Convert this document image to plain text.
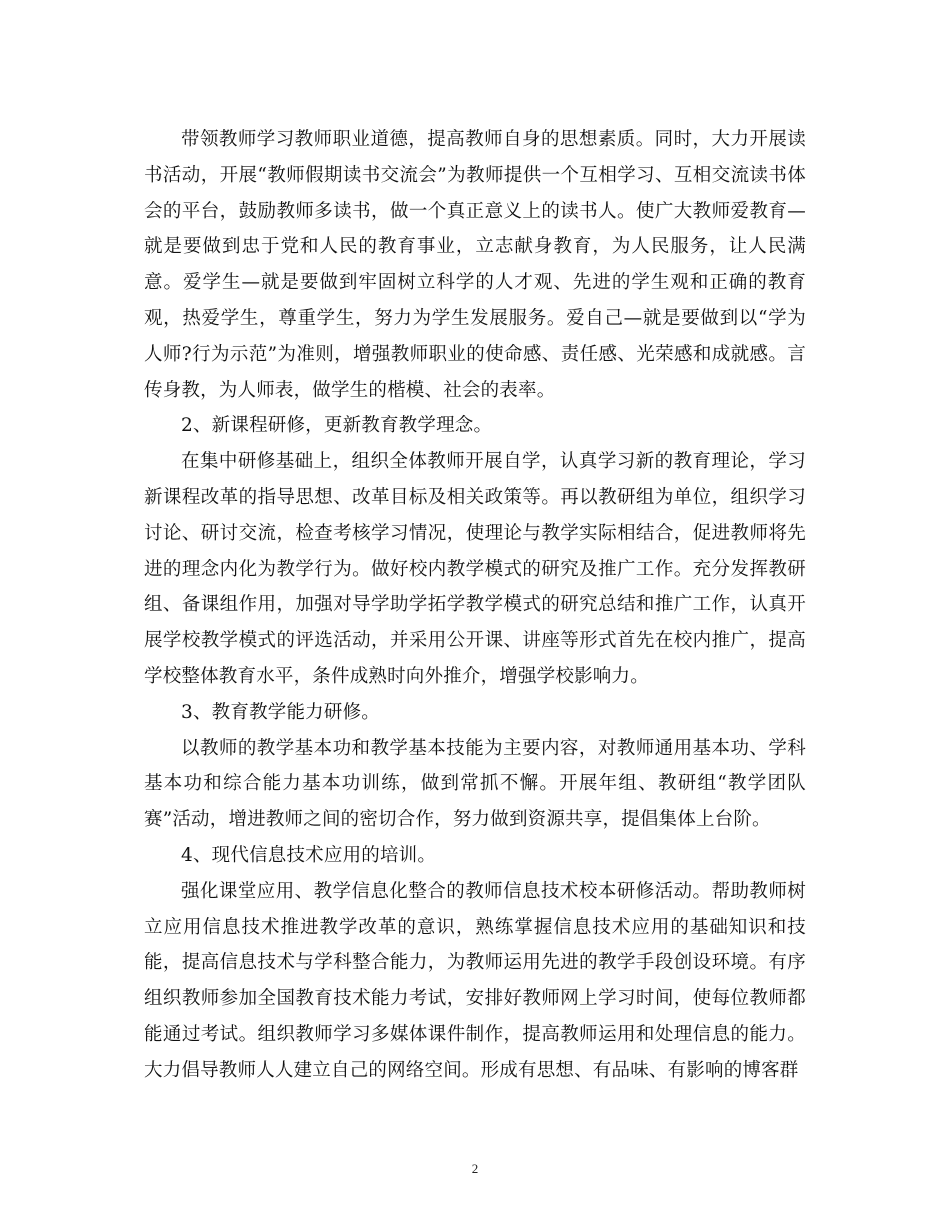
带领教师学习教师职业道德，提高教师自身的思想素质。同时，大力开展读书活动，开展“教师假期读书交流会”为教师提供一个互相学习、互相交流读书体会的平台，鼓励教师多读书，做一个真正意义上的读书人。使广大教师爱教育—就是要做到忠于党和人民的教育事业，立志献身教育，为人民服务，让人民满意。爱学生—就是要做到牢固树立科学的人才观、先进的学生观和正确的教育观，热爱学生，尊重学生，努力为学生发展服务。爱自己—就是要做到以“学为人师?行为示范”为准则，增强教师职业的使命感、责任感、光荣感和成就感。言传身教，为人师表，做学生的楷模、社会的表率。

2、新课程研修，更新教育教学理念。

在集中研修基础上，组织全体教师开展自学，认真学习新的教育理论，学习新课程改革的指导思想、改革目标及相关政策等。再以教研组为单位，组织学习讨论、研讨交流，检查考核学习情况，使理论与教学实际相结合，促进教师将先进的理念内化为教学行为。做好校内教学模式的研究及推广工作。充分发挥教研组、备课组作用，加强对导学助学拓学教学模式的研究总结和推广工作，认真开展学校教学模式的评选活动，并采用公开课、讲座等形式首先在校内推广，提高学校整体教育水平，条件成熟时向外推介，增强学校影响力。

3、教育教学能力研修。

以教师的教学基本功和教学基本技能为主要内容，对教师通用基本功、学科基本功和综合能力基本功训练，做到常抓不懈。开展年组、教研组“教学团队赛”活动，增进教师之间的密切合作，努力做到资源共享，提倡集体上台阶。

4、现代信息技术应用的培训。

强化课堂应用、教学信息化整合的教师信息技术校本研修活动。帮助教师树立应用信息技术推进教学改革的意识，熟练掌握信息技术应用的基础知识和技能，提高信息技术与学科整合能力，为教师运用先进的教学手段创设环境。有序组织教师参加全国教育技术能力考试，安排好教师网上学习时间，使每位教师都能通过考试。组织教师学习多媒体课件制作，提高教师运用和处理信息的能力。大力倡导教师人人建立自己的网络空间。形成有思想、有品味、有影响的博客群

2
